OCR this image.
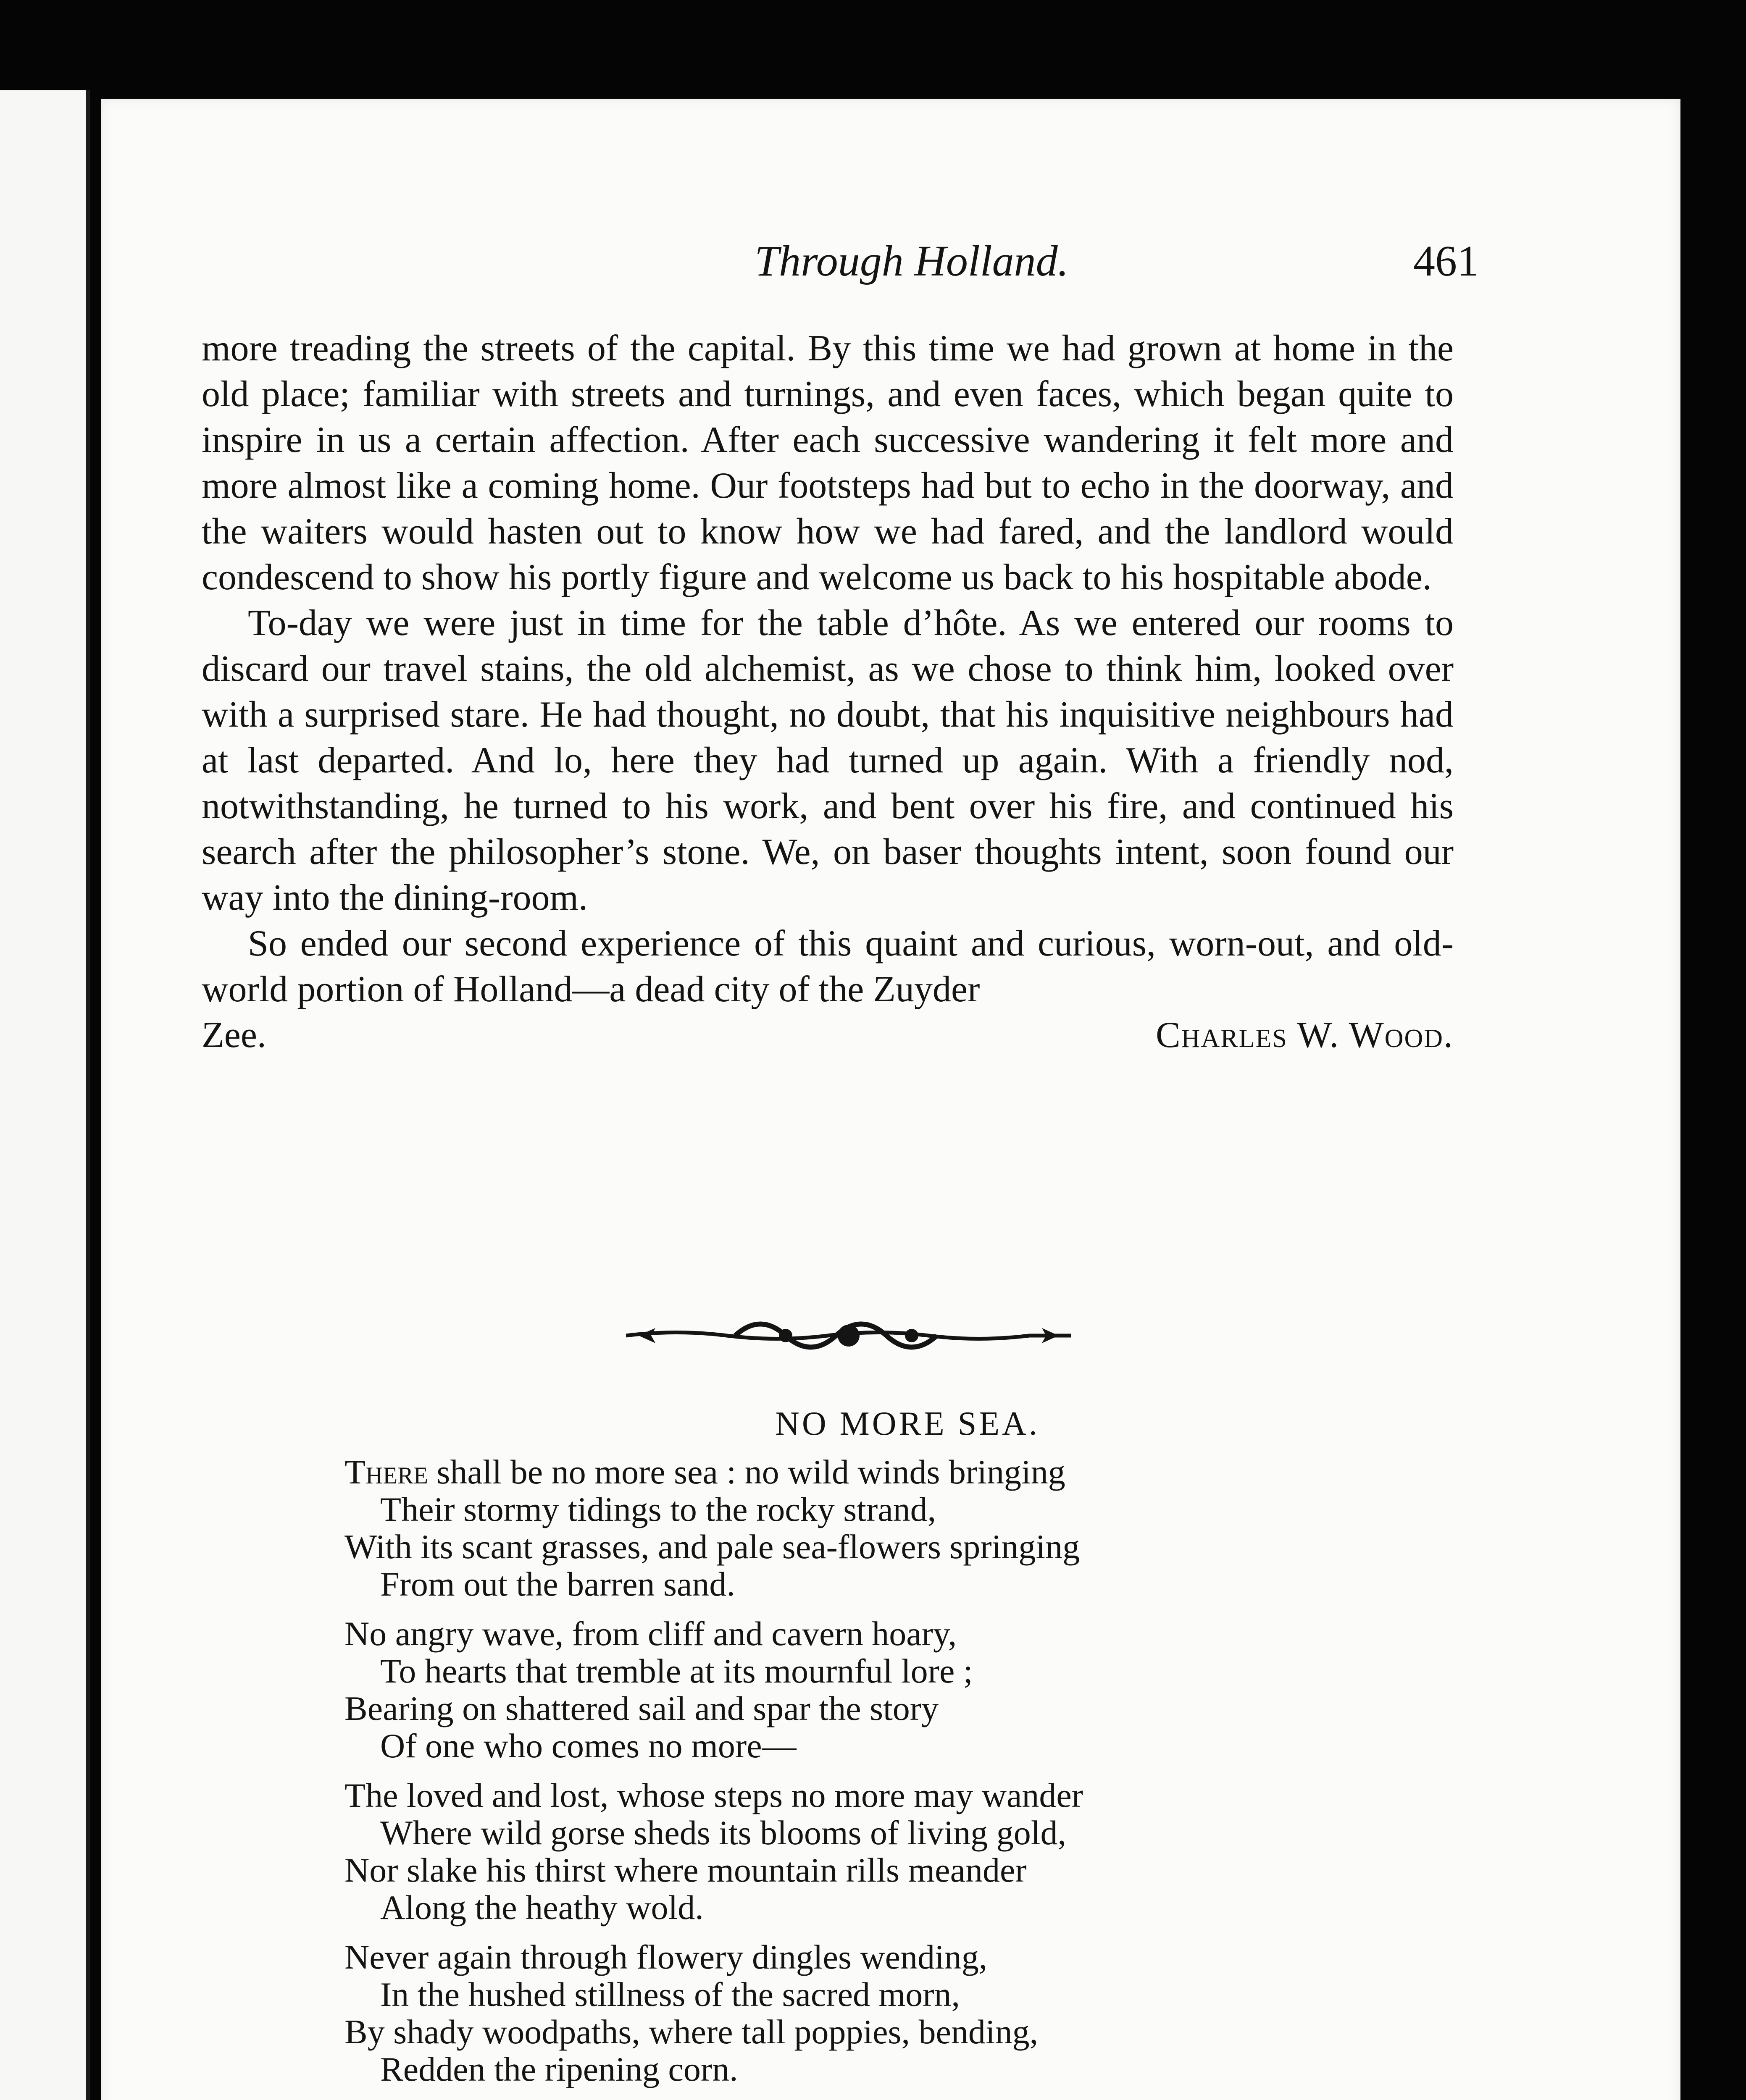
Through Holland.	461

more treading the streets of the capital. By this time we had grown at home in the old place; familiar with streets and turnings, and even faces, which began quite to inspire in us a certain affection. After each successive wandering it felt more and more almost like a coming home. Our footsteps had but to echo in the doorway, and the waiters would hasten out to know how we had fared, and the landlord would condescend to show his portly figure and welcome us back to his hospitable abode.

To-day we were just in time for the table d’hôte. As we entered our rooms to discard our travel stains, the old alchemist, as we chose to think him, looked over with a surprised stare. He had thought, no doubt, that his inquisitive neighbours had at last departed. And lo, here they had turned up again. With a friendly nod, notwithstanding, he turned to his work, and bent over his fire, and continued his search after the philosopher’s stone. We, on baser thoughts intent, soon found our way into the dining-room.

So ended our second experience of this quaint and curious, worn-out, and old-world portion of Holland—a dead city of the Zuyder

Zee.	Charles W. Wood.
NO MORE SEA.
There shall be no more sea : no wild winds bringing
Their stormy tidings to the rocky strand,
With its scant grasses, and pale sea-flowers springing
From out the barren sand.
No angry wave, from cliff and cavern hoary,
To hearts that tremble at its mournful lore ;
Bearing on shattered sail and spar the story
Of one who comes no more—
The loved and lost, whose steps no more may wander
Where wild gorse sheds its blooms of living gold,
Nor slake his thirst where mountain rills meander
Along the heathy wold.
Never again through flowery dingles wending,
In the hushed stillness of the sacred morn,
By shady woodpaths, where tall poppies, bending,
Redden the ripening corn.
